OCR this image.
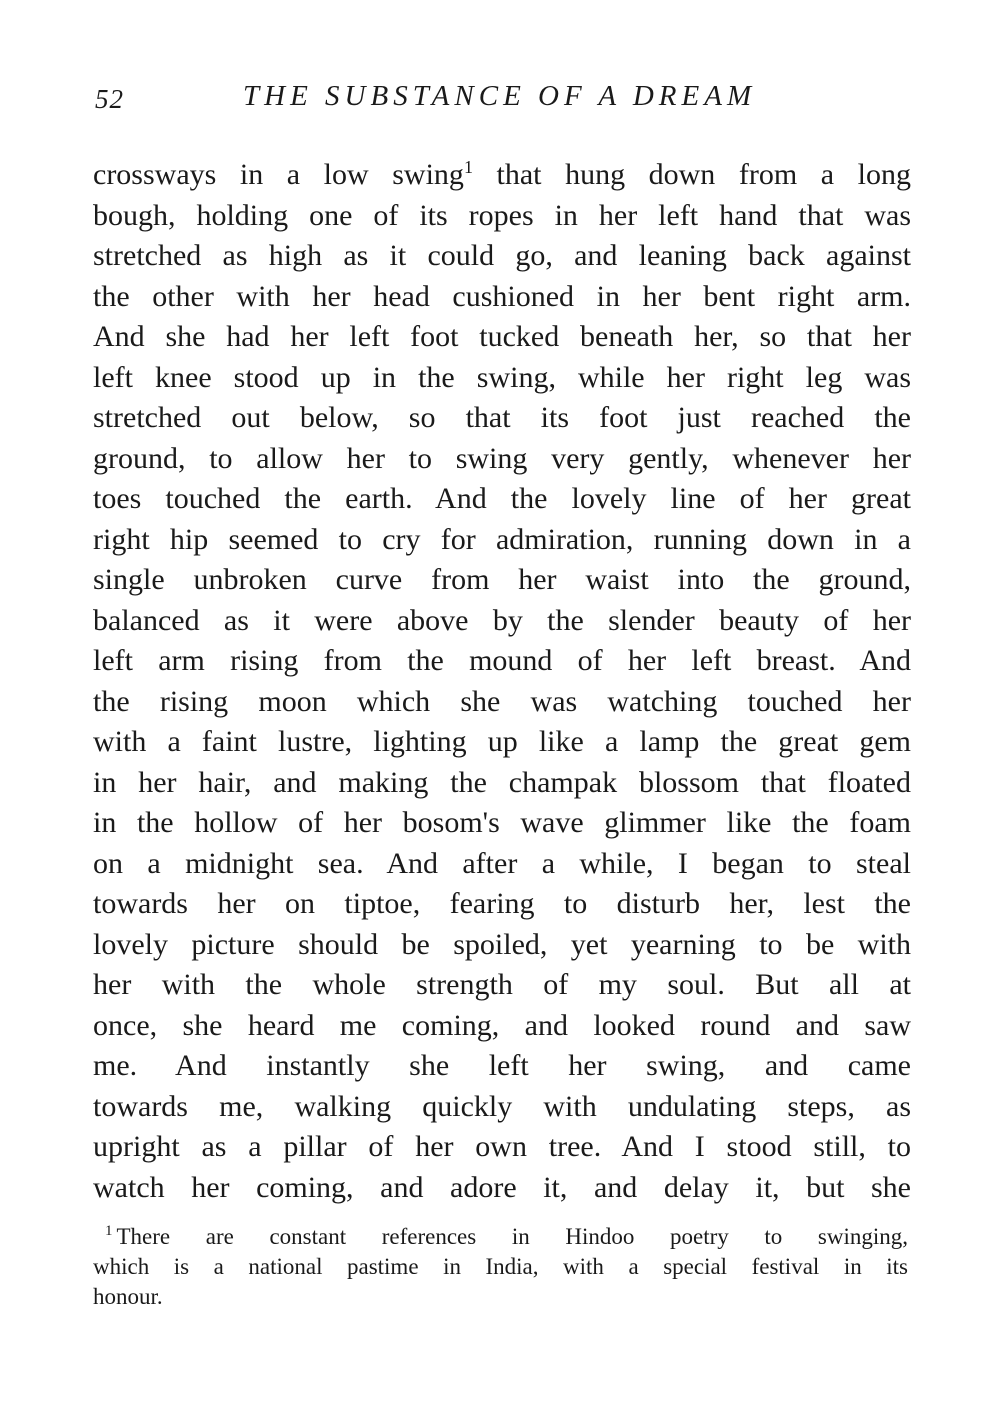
52	THE SUBSTANCE OF A DREAM
crossways in a low swing$^1$ that hung down from a long
bough, holding one of its ropes in her left hand that was
stretched as high as it could go, and leaning back against
the other with her head cushioned in her bent right arm.
And she had her left foot tucked beneath her, so that her
left knee stood up in the swing, while her right leg was
stretched out below, so that its foot just reached the
ground, to allow her to swing very gently, whenever her
toes touched the earth. And the lovely line of her great
right hip seemed to cry for admiration, running down in a
single unbroken curve from her waist into the ground,
balanced as it were above by the slender beauty of her
left arm rising from the mound of her left breast. And
the rising moon which she was watching touched her
with a faint lustre, lighting up like a lamp the great gem
in her hair, and making the champak blossom that floated
in the hollow of her bosom's wave glimmer like the foam
on a midnight sea. And after a while, I began to steal
towards her on tiptoe, fearing to disturb her, lest the
lovely picture should be spoiled, yet yearning to be with
her with the whole strength of my soul. But all at
once, she heard me coming, and looked round and saw
me. And instantly she left her swing, and came
towards me, walking quickly with undulating steps, as
upright as a pillar of her own tree. And I stood still, to
watch her coming, and adore it, and delay it, but she
$^1$ There are constant references in Hindoo poetry to swinging,
which is a national pastime in India, with a special festival in its
honour.
